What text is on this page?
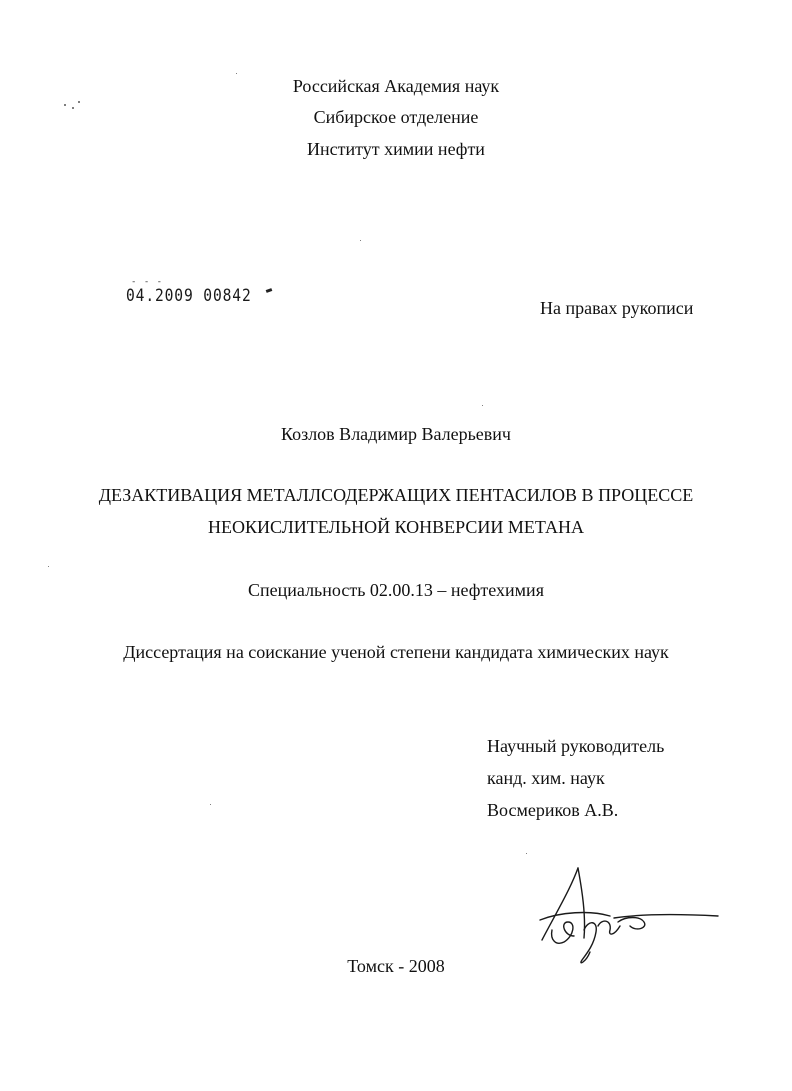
Российская Академия наук
Сибирское отделение
Институт химии нефти
- - -
04.2009 00842
На правах рукописи
Козлов Владимир Валерьевич
ДЕЗАКТИВАЦИЯ МЕТАЛЛСОДЕРЖАЩИХ ПЕНТАСИЛОВ В ПРОЦЕССЕ
НЕОКИСЛИТЕЛЬНОЙ КОНВЕРСИИ МЕТАНА
Специальность 02.00.13 – нефтехимия
Диссертация на соискание ученой степени кандидата химических наук
Научный руководитель
канд. хим. наук
Восмериков А.В.
Томск - 2008
